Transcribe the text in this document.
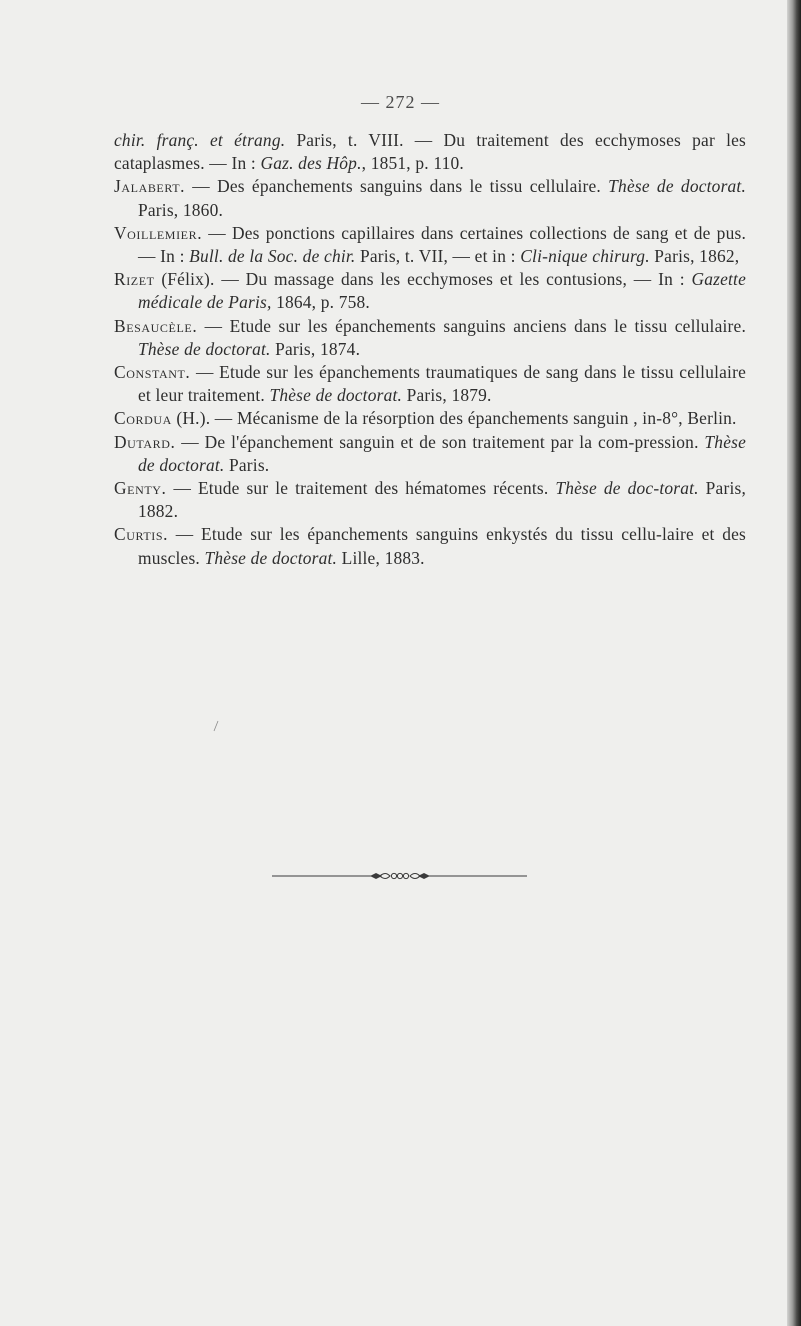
— 272 —

chir. franç. et étrang. Paris, t. VIII. — Du traitement des ecchymoses par les cataplasmes. — In : Gaz. des Hôp., 1851, p. 110.

Jalabert. — Des épanchements sanguins dans le tissu cellulaire. Thèse de doctorat. Paris, 1860.

Voillemier. — Des ponctions capillaires dans certaines collections de sang et de pus. — In : Bull. de la Soc. de chir. Paris, t. VII, — et in : Cli-nique chirurg. Paris, 1862,

Rizet (Félix). — Du massage dans les ecchymoses et les contusions, — In : Gazette médicale de Paris, 1864, p. 758.

Besaucèle. — Etude sur les épanchements sanguins anciens dans le tissu cellulaire. Thèse de doctorat. Paris, 1874.

Constant. — Etude sur les épanchements traumatiques de sang dans le tissu cellulaire et leur traitement. Thèse de doctorat. Paris, 1879.

Cordua (H.). — Mécanisme de la résorption des épanchements sanguin , in-8°, Berlin.

Dutard. — De l'épanchement sanguin et de son traitement par la com-pression. Thèse de doctorat. Paris.

Genty. — Etude sur le traitement des hématomes récents. Thèse de doc-torat. Paris, 1882.

Curtis. — Etude sur les épanchements sanguins enkystés du tissu cellu-laire et des muscles. Thèse de doctorat. Lille, 1883.
